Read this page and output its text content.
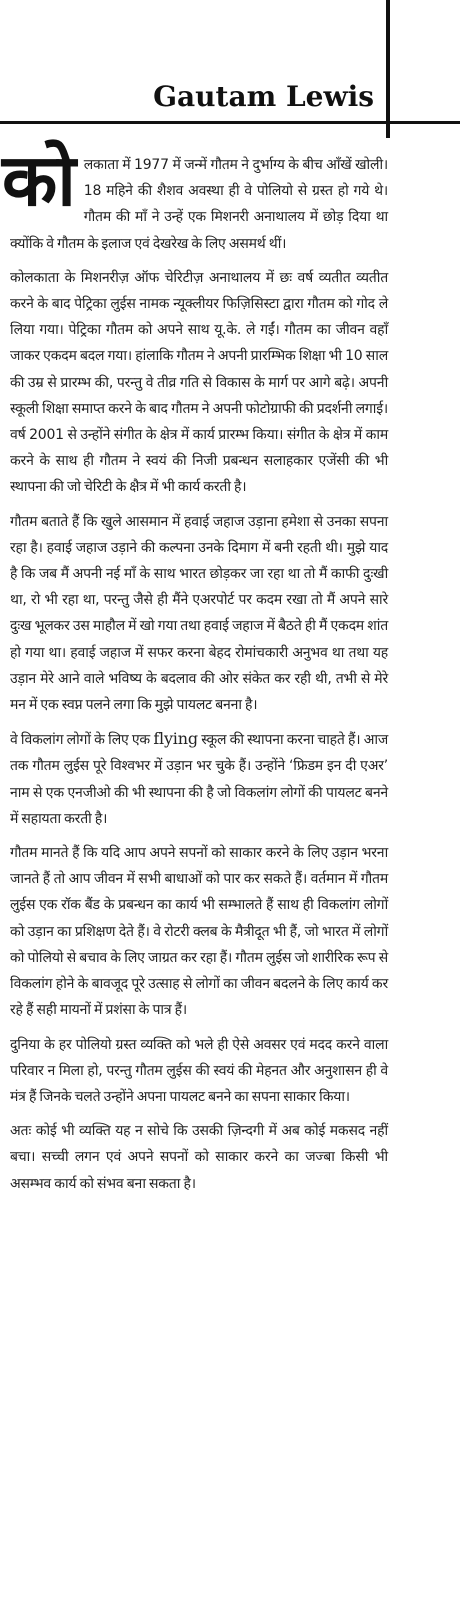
Gautam Lewis

कोलकाता में 1977 में जन्में गौतम ने दुर्भाग्य के बीच आँखें खोली। 18 महिने की शैशव अवस्था ही वे पोलियो से ग्रस्त हो गये थे। गौतम की माँ ने उन्हें एक मिशनरी अनाथालय में छोड़ दिया था क्योंकि वे गौतम के इलाज एवं देखरेख के लिए असमर्थ थीं।

कोलकाता के मिशनरीज़ ऑफ चेरिटीज़ अनाथालय में छः वर्ष व्यतीत व्यतीत करने के बाद पेट्रिका लुईस नामक न्यूक्लीयर फिज़िसिस्टा द्वारा गौतम को गोद ले लिया गया। पेट्रिका गौतम को अपने साथ यू.के. ले गईं। गौतम का जीवन वहाँ जाकर एकदम बदल गया। हांलाकि गौतम ने अपनी प्रारम्भिक शिक्षा भी 10 साल की उम्र से प्रारम्भ की, परन्तु वे तीव्र गति से विकास के मार्ग पर आगे बढ़े। अपनी स्कूली शिक्षा समाप्त करने के बाद गौतम ने अपनी फोटोग्राफी की प्रदर्शनी लगाई। वर्ष 2001 से उन्होंने संगीत के क्षेत्र में कार्य प्रारम्भ किया। संगीत के क्षेत्र में काम करने के साथ ही गौतम ने स्वयं की निजी प्रबन्धन सलाहकार एजेंसी की भी स्थापना की जो चेरिटी के क्षैत्र में भी कार्य करती है।

गौतम बताते हैं कि खुले आसमान में हवाई जहाज उड़ाना हमेशा से उनका सपना रहा है। हवाई जहाज उड़ाने की कल्पना उनके दिमाग में बनी रहती थी। मुझे याद है कि जब मैं अपनी नई माँ के साथ भारत छोड़कर जा रहा था तो मैं काफी दुःखी था, रो भी रहा था, परन्तु जैसे ही मैंने एअरपोर्ट पर कदम रखा तो मैं अपने सारे दुःख भूलकर उस माहौल में खो गया तथा हवाई जहाज में बैठते ही मैं एकदम शांत हो गया था। हवाई जहाज में सफर करना बेहद रोमांचकारी अनुभव था तथा यह उड़ान मेरे आने वाले भविष्य के बदलाव की ओर संकेत कर रही थी, तभी से मेरे मन में एक स्वप्न पलने लगा कि मुझे पायलट बनना है।

वे विकलांग लोगों के लिए एक flying स्कूल की स्थापना करना चाहते हैं। आज तक गौतम लुईस पूरे विश्वभर में उड़ान भर चुके हैं। उन्होंने ‘फ्रिडम इन दी एअर’ नाम से एक एनजीओ की भी स्थापना की है जो विकलांग लोगों की पायलट बनने में सहायता करती है।

गौतम मानते हैं कि यदि आप अपने सपनों को साकार करने के लिए उड़ान भरना जानते हैं तो आप जीवन में सभी बाधाओं को पार कर सकते हैं। वर्तमान में गौतम लुईस एक रॉक बैंड के प्रबन्धन का कार्य भी सम्भालते हैं साथ ही विकलांग लोगों को उड़ान का प्रशिक्षण देते हैं। वे रोटरी क्लब के मैत्रीदूत भी हैं, जो भारत में लोगों को पोलियो से बचाव के लिए जाग्रत कर रहा हैं। गौतम लुईस जो शारीरिक रूप से विकलांग होने के बावजूद पूरे उत्साह से लोगों का जीवन बदलने के लिए कार्य कर रहे हैं सही मायनों में प्रशंसा के पात्र हैं।

दुनिया के हर पोलियो ग्रस्त व्यक्ति को भले ही ऐसे अवसर एवं मदद करने वाला परिवार न मिला हो, परन्तु गौतम लुईस की स्वयं की मेहनत और अनुशासन ही वे मंत्र हैं जिनके चलते उन्होंने अपना पायलट बनने का सपना साकार किया।

अतः कोई भी व्यक्ति यह न सोचे कि उसकी ज़िन्दगी में अब कोई मकसद नहीं बचा। सच्ची लगन एवं अपने सपनों को साकार करने का जज्बा किसी भी असम्भव कार्य को संभव बना सकता है।
